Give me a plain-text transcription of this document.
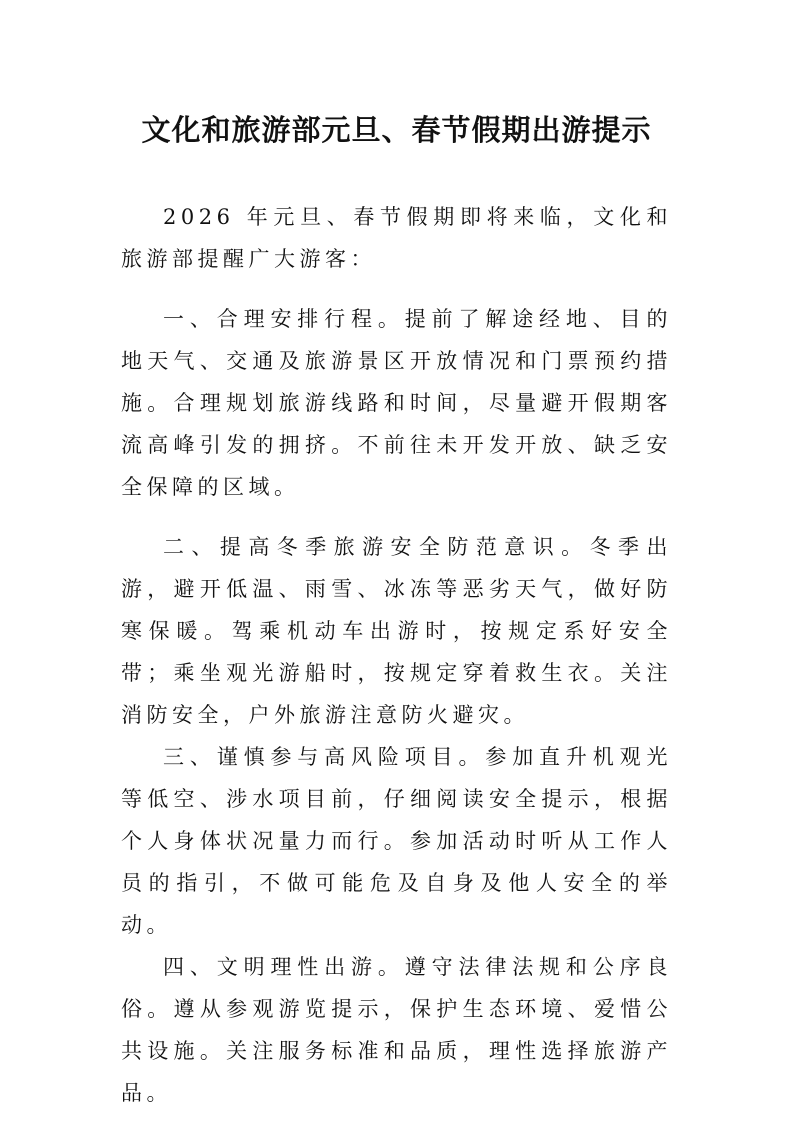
文化和旅游部元旦、春节假期出游提示

2026 年元旦、春节假期即将来临，文化和旅游部提醒广大游客：

一、合理安排行程。提前了解途经地、目的地天气、交通及旅游景区开放情况和门票预约措施。合理规划旅游线路和时间，尽量避开假期客流高峰引发的拥挤。不前往未开发开放、缺乏安全保障的区域。

二、提高冬季旅游安全防范意识。冬季出游，避开低温、雨雪、冰冻等恶劣天气，做好防寒保暖。驾乘机动车出游时，按规定系好安全带；乘坐观光游船时，按规定穿着救生衣。关注消防安全，户外旅游注意防火避灾。

三、谨慎参与高风险项目。参加直升机观光等低空、涉水项目前，仔细阅读安全提示，根据个人身体状况量力而行。参加活动时听从工作人员的指引，不做可能危及自身及他人安全的举动。

四、文明理性出游。遵守法律法规和公序良俗。遵从参观游览提示，保护生态环境、爱惜公共设施。关注服务标准和品质，理性选择旅游产品。
